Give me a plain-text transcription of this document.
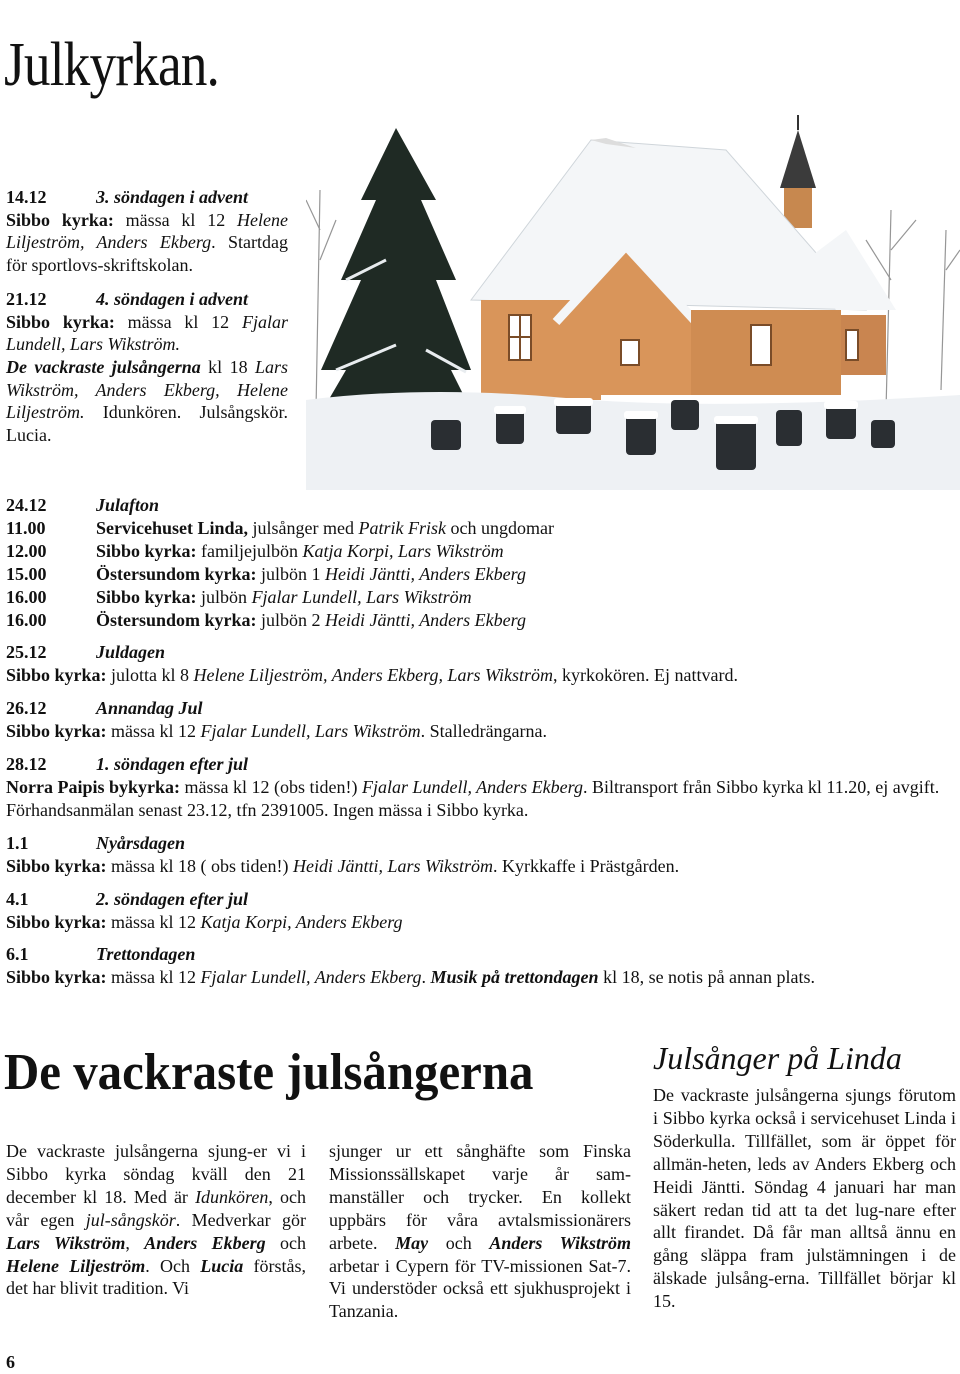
Julkyrkan.

14.12	3. söndagen i advent

Sibbo kyrka: mässa kl 12 Helene Liljeström, Anders Ekberg. Startdag för sportlovs-skriftskolan.

21.12	4. söndagen i advent

Sibbo kyrka: mässa kl 12 Fjalar Lundell, Lars Wikström.
De vackraste julsångerna kl 18 Lars Wikström, Anders Ekberg, Helene Liljeström. Idunkören. Julsångskör. Lucia.

24.12	Julafton

11.00	Servicehuset Linda, julsånger med Patrik Frisk och ungdomar

12.00	Sibbo kyrka: familjejulbön Katja Korpi, Lars Wikström

15.00	Östersundom kyrka: julbön 1 Heidi Jäntti, Anders Ekberg

16.00	Sibbo kyrka: julbön Fjalar Lundell, Lars Wikström

16.00	Östersundom kyrka: julbön 2 Heidi Jäntti, Anders Ekberg

25.12	Juldagen

Sibbo kyrka: julotta kl 8 Helene Liljeström, Anders Ekberg, Lars Wikström, kyrkokören. Ej nattvard.

26.12	Annandag Jul

Sibbo kyrka: mässa kl 12 Fjalar Lundell, Lars Wikström. Stalledrängarna.

28.12	1. söndagen efter jul

Norra Paipis bykyrka: mässa kl 12 (obs tiden!) Fjalar Lundell, Anders Ekberg. Biltransport från Sibbo kyrka kl 11.20, ej avgift. Förhandsanmälan senast 23.12, tfn 2391005. Ingen mässa i Sibbo kyrka.

1.1	Nyårsdagen

Sibbo kyrka: mässa kl 18 ( obs tiden!) Heidi Jäntti, Lars Wikström. Kyrkkaffe i Prästgården.

4.1	2. söndagen efter jul

Sibbo kyrka: mässa kl 12 Katja Korpi, Anders Ekberg

6.1	Trettondagen

Sibbo kyrka: mässa kl 12 Fjalar Lundell, Anders Ekberg. Musik på trettondagen kl 18, se notis på annan plats.

De vackraste julsångerna
De vackraste julsångerna sjung-er vi i Sibbo kyrka söndag kväll den 21 december kl 18. Med är Idunkören, och vår egen jul-sångskör. Medverkar gör Lars Wikström, Anders Ekberg och Helene Liljeström. Och Lucia förstås, det har blivit tradition. Vi
sjunger ur ett sånghäfte som Finska Missionssällskapet varje år sam-manställer och trycker. En kollekt uppbärs för våra avtalsmissionärers arbete. May och Anders Wikström arbetar i Cypern för TV-missionen Sat-7. Vi understöder också ett sjukhusprojekt i Tanzania.
Julsånger på Linda
De vackraste julsångerna sjungs förutom i Sibbo kyrka också i servicehuset Linda i Söderkulla. Tillfället, som är öppet för allmän-heten, leds av Anders Ekberg och Heidi Jäntti. Söndag 4 januari har man säkert redan tid att ta det lug-nare efter allt firandet. Då får man alltså ännu en gång släppa fram julstämningen i de älskade julsång-erna. Tillfället börjar kl 15.
6
